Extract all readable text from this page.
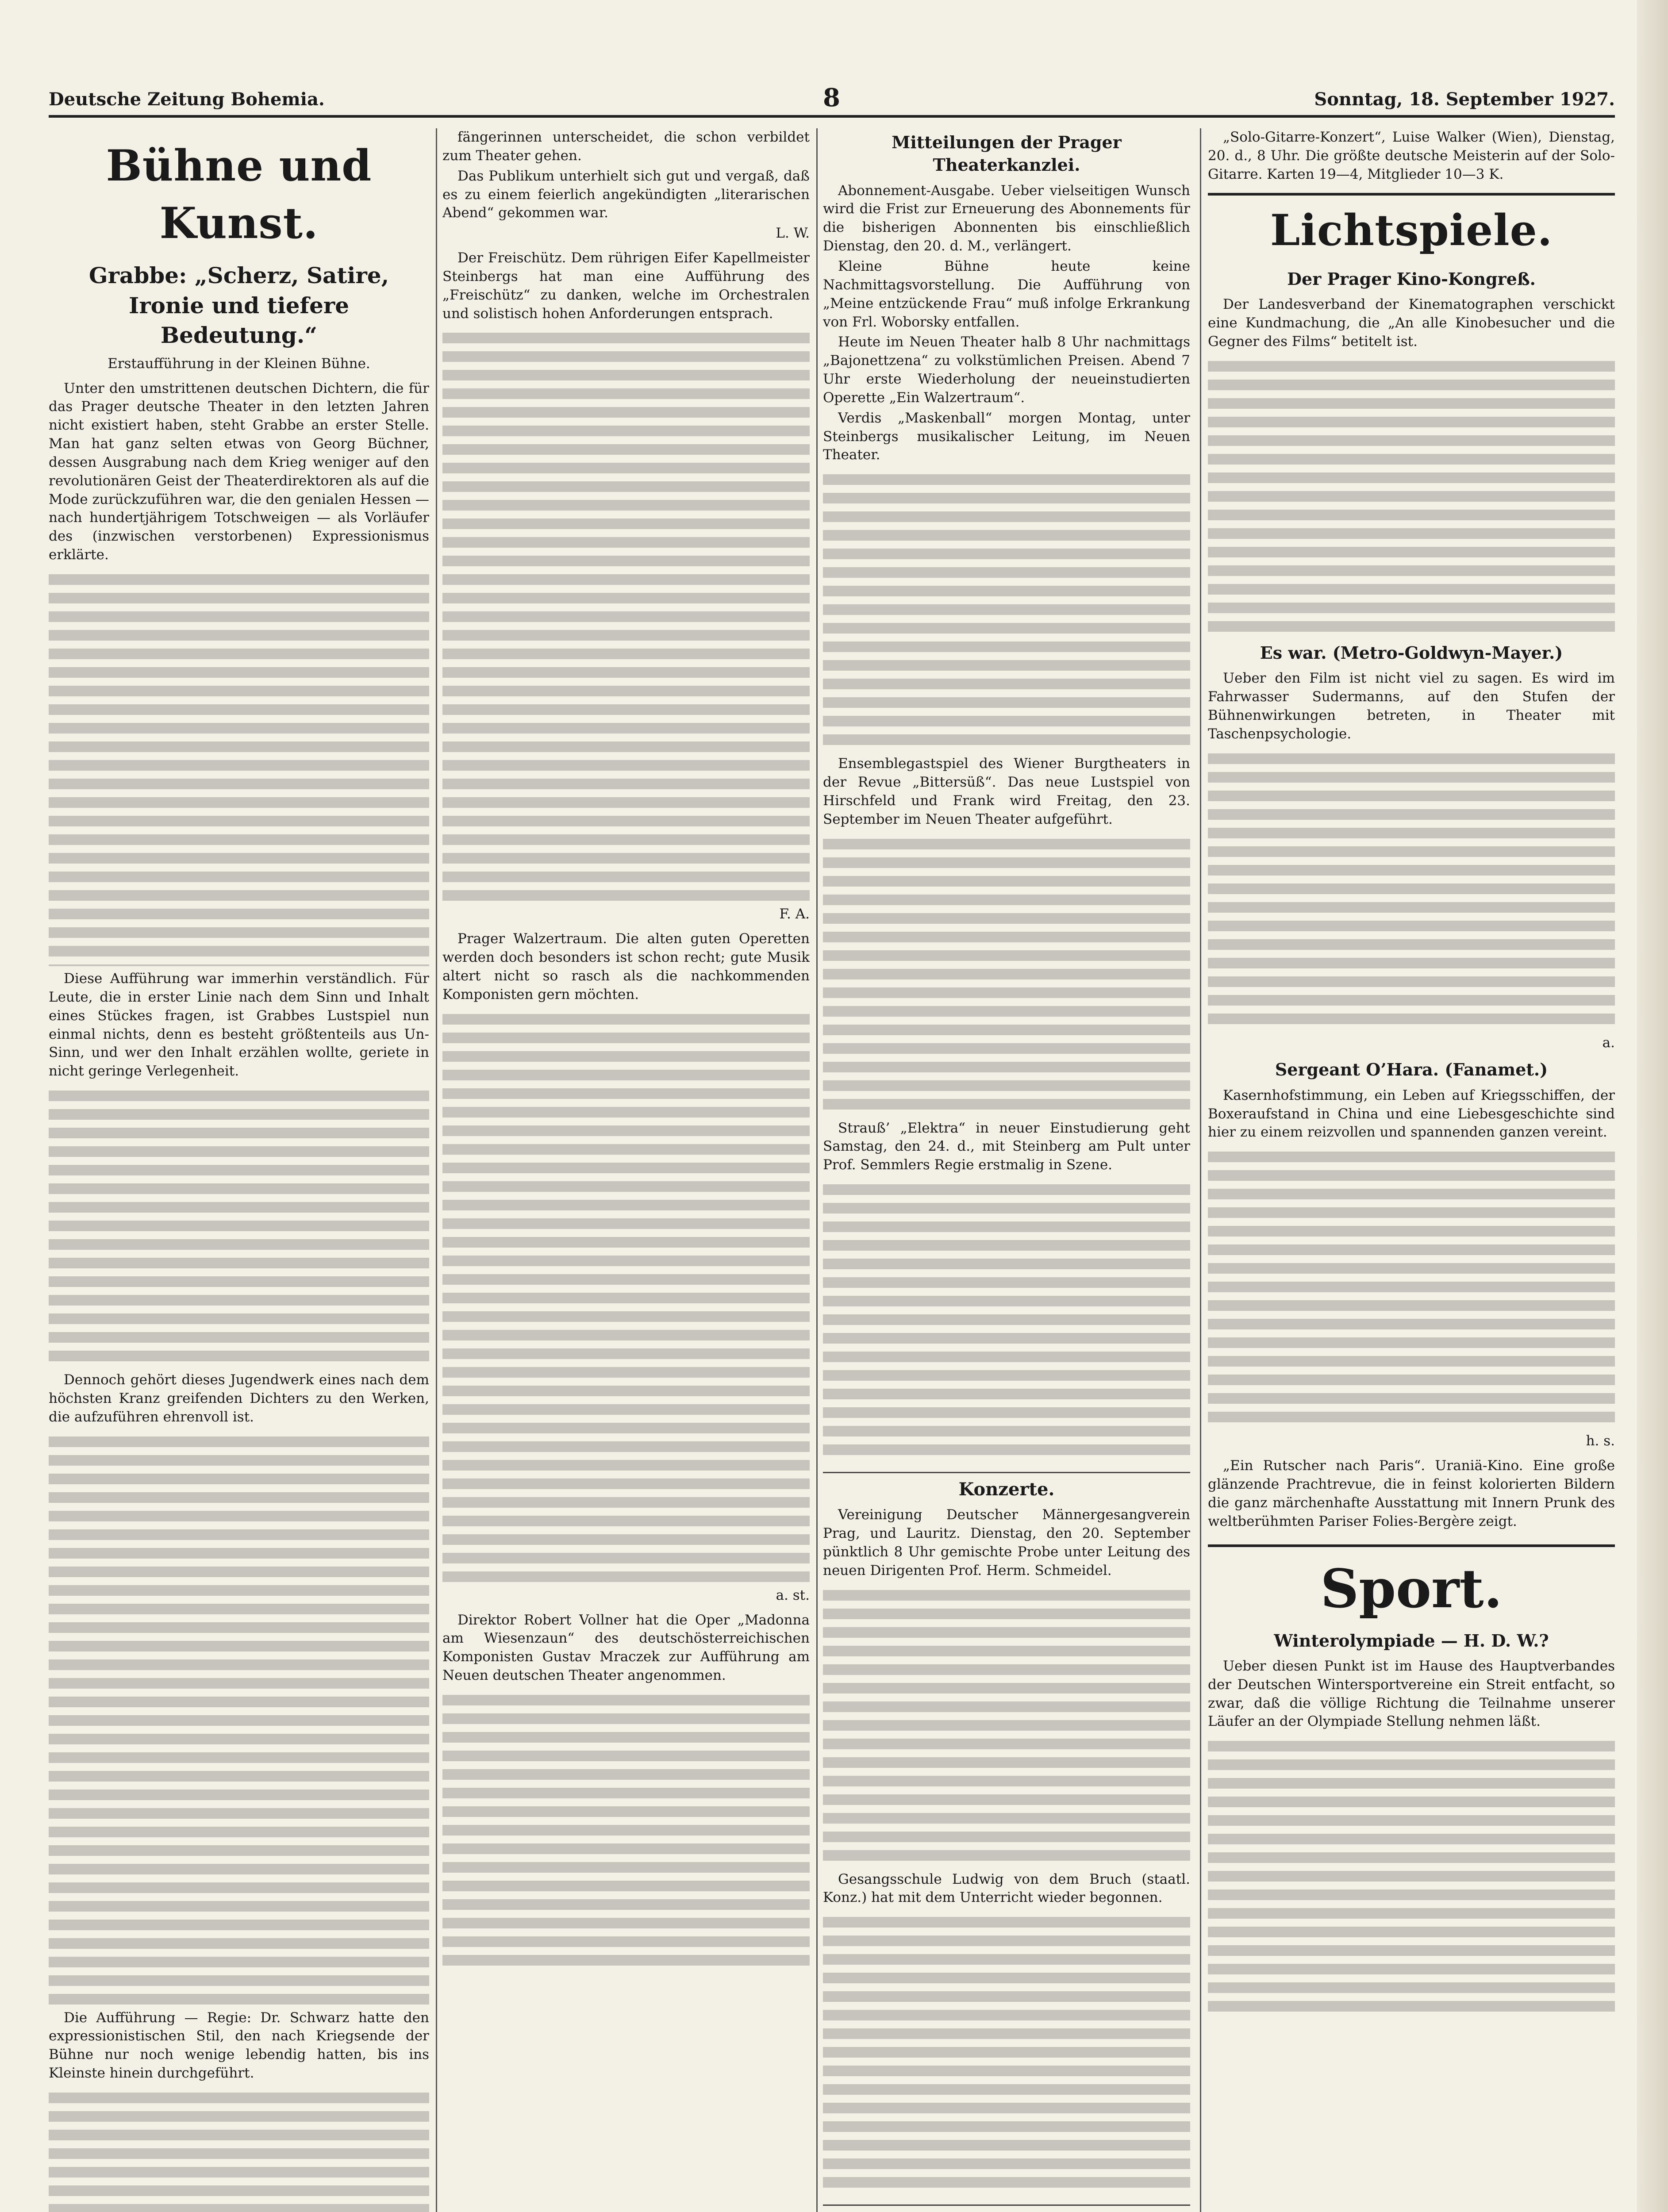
Deutsche Zeitung Bohemia.	8	Sonntag, 18. September 1927.
Bühne und Kunst.
Grabbe: „Scherz, Satire, Ironie und tiefere Bedeutung.“
Erstaufführung in der Kleinen Bühne.

Unter den umstrittenen deutschen Dichtern, die für das Prager deutsche Theater in den letzten Jahren nicht existiert haben, steht Grabbe an erster Stelle. Man hat ganz selten etwas von Georg Büchner, dessen Ausgrabung nach dem Krieg weniger auf den revolutionären Geist der Theaterdirektoren als auf die Mode zurückzuführen war, die den genialen Hessen — nach hundertjährigem Totschweigen — als Vorläufer des (inzwischen verstorbenen) Expressionismus erklärte.

Diese Aufführung war immerhin verständlich. Für Leute, die in erster Linie nach dem Sinn und Inhalt eines Stückes fragen, ist Grabbes Lustspiel nun einmal nichts, denn es besteht größtenteils aus Un-Sinn, und wer den Inhalt erzählen wollte, geriete in nicht geringe Verlegenheit.

Dennoch gehört dieses Jugendwerk eines nach dem höchsten Kranz greifenden Dichters zu den Werken, die aufzuführen ehrenvoll ist.

Die Aufführung — Regie: Dr. Schwarz hatte den expressionistischen Stil, den nach Kriegsende der Bühne nur noch wenige lebendig hatten, bis ins Kleinste hinein durchgeführt.

fängerinnen unterscheidet, die schon verbildet zum Theater gehen.

Das Publikum unterhielt sich gut und vergaß, daß es zu einem feierlich angekündigten „literarischen Abend“ gekommen war.

L. W.

Der Freischütz. Dem rührigen Eifer Kapellmeister Steinbergs hat man eine Aufführung des „Freischütz“ zu danken, welche im Orchestralen und solistisch hohen Anforderungen entsprach.

F. A.

Prager Walzertraum. Die alten guten Operetten werden doch besonders ist schon recht; gute Musik altert nicht so rasch als die nachkommenden Komponisten gern möchten.

a. st.

Direktor Robert Vollner hat die Oper „Madonna am Wiesenzaun“ des deutschösterreichischen Komponisten Gustav Mraczek zur Aufführung am Neuen deutschen Theater angenommen.

Mitteilungen der Prager Theaterkanzlei.

Abonnement-Ausgabe. Ueber vielseitigen Wunsch wird die Frist zur Erneuerung des Abonnements für die bisherigen Abonnenten bis einschließlich Dienstag, den 20. d. M., verlängert.

Kleine Bühne heute keine Nachmittagsvorstellung. Die Aufführung von „Meine entzückende Frau“ muß infolge Erkrankung von Frl. Woborsky entfallen.

Heute im Neuen Theater halb 8 Uhr nachmittags „Bajonettzena“ zu volkstümlichen Preisen. Abend 7 Uhr erste Wiederholung der neueinstudierten Operette „Ein Walzertraum“.

Verdis „Maskenball“ morgen Montag, unter Steinbergs musikalischer Leitung, im Neuen Theater.

Ensemblegastspiel des Wiener Burgtheaters in der Revue „Bittersüß“. Das neue Lustspiel von Hirschfeld und Frank wird Freitag, den 23. September im Neuen Theater aufgeführt.

Strauß’ „Elektra“ in neuer Einstudierung geht Samstag, den 24. d., mit Steinberg am Pult unter Prof. Semmlers Regie erstmalig in Szene.

Konzerte.

Vereinigung Deutscher Männergesangverein Prag, und Lauritz. Dienstag, den 20. September pünktlich 8 Uhr gemischte Probe unter Leitung des neuen Dirigenten Prof. Herm. Schmeidel.

Gesangsschule Ludwig von dem Bruch (staatl. Konz.) hat mit dem Unterricht wieder begonnen.

„Solo-Gitarre-Konzert“, Luise Walker (Wien), Dienstag, 20. d., 8 Uhr. Die größte deutsche Meisterin auf der Solo-Gitarre. Karten 19—4, Mitglieder 10—3 K.

Lichtspiele.
Der Prager Kino-Kongreß.

Der Landesverband der Kinematographen verschickt eine Kundmachung, die „An alle Kinobesucher und die Gegner des Films“ betitelt ist.

Es war. (Metro-Goldwyn-Mayer.)

Ueber den Film ist nicht viel zu sagen. Es wird im Fahrwasser Sudermanns, auf den Stufen der Bühnenwirkungen betreten, in Theater mit Taschenpsychologie.

a.
Sergeant O’Hara. (Fanamet.)

Kasernhofstimmung, ein Leben auf Kriegsschiffen, der Boxeraufstand in China und eine Liebesgeschichte sind hier zu einem reizvollen und spannenden ganzen vereint.

h. s.

„Ein Rutscher nach Paris“. Uraniä-Kino. Eine große glänzende Prachtrevue, die in feinst kolorierten Bildern die ganz märchenhafte Ausstattung mit Innern Prunk des weltberühmten Pariser Folies-Bergère zeigt.

Sport.
Winterolympiade — H. D. W.?

Ueber diesen Punkt ist im Hause des Hauptverbandes der Deutschen Wintersportvereine ein Streit entfacht, so zwar, daß die völlige Richtung die Teilnahme unserer Läufer an der Olympiade Stellung nehmen läßt.
